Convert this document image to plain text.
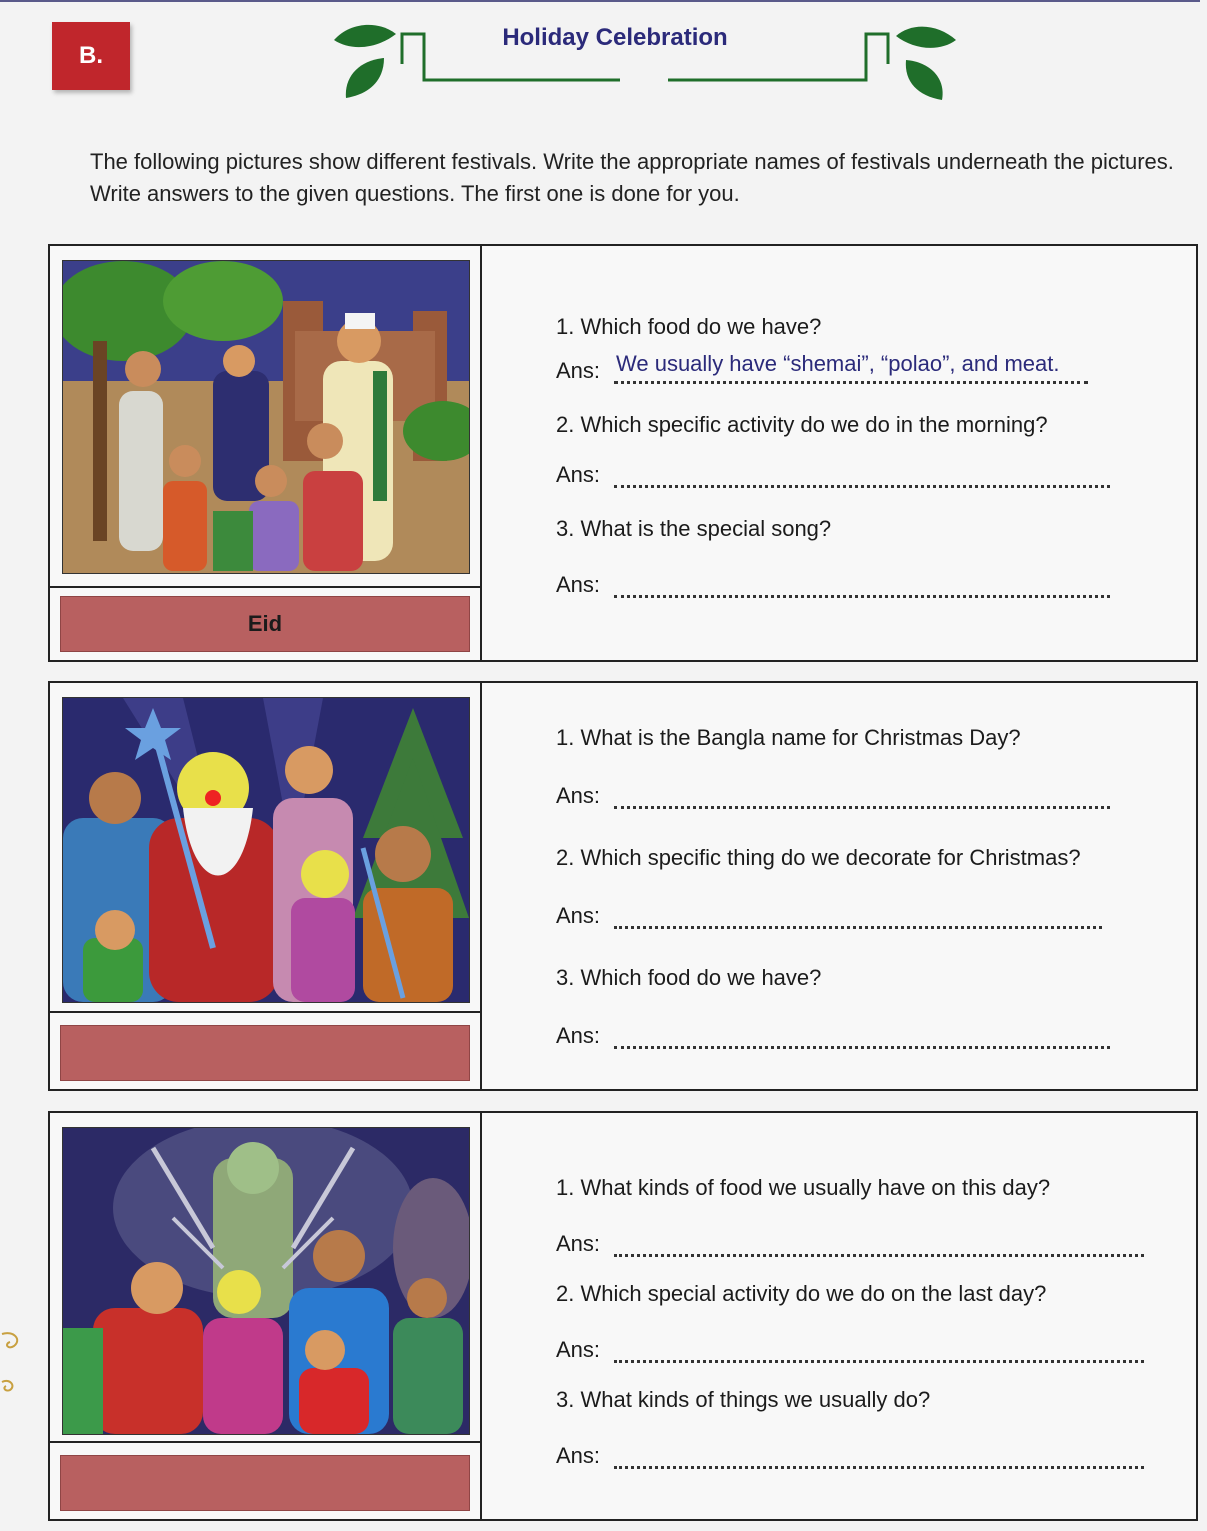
B.
Holiday Celebration
The following pictures show different festivals. Write the appropriate names of festivals underneath the pictures. Write answers to the given questions. The first one is done for you.
Eid
1. Which food do we have?
Ans: We usually have “shemai”, “polao”, and meat.
2. Which specific activity do we do in the morning?
Ans:
3. What is the special song?
Ans:
1. What is the Bangla name for Christmas Day?
Ans:
2. Which specific thing do we decorate for Christmas?
Ans:
3. Which food do we have?
Ans:
1. What kinds of food we usually have on this day?
Ans:
2. Which special activity do we do on the last day?
Ans:
3. What kinds of things we usually do?
Ans:
